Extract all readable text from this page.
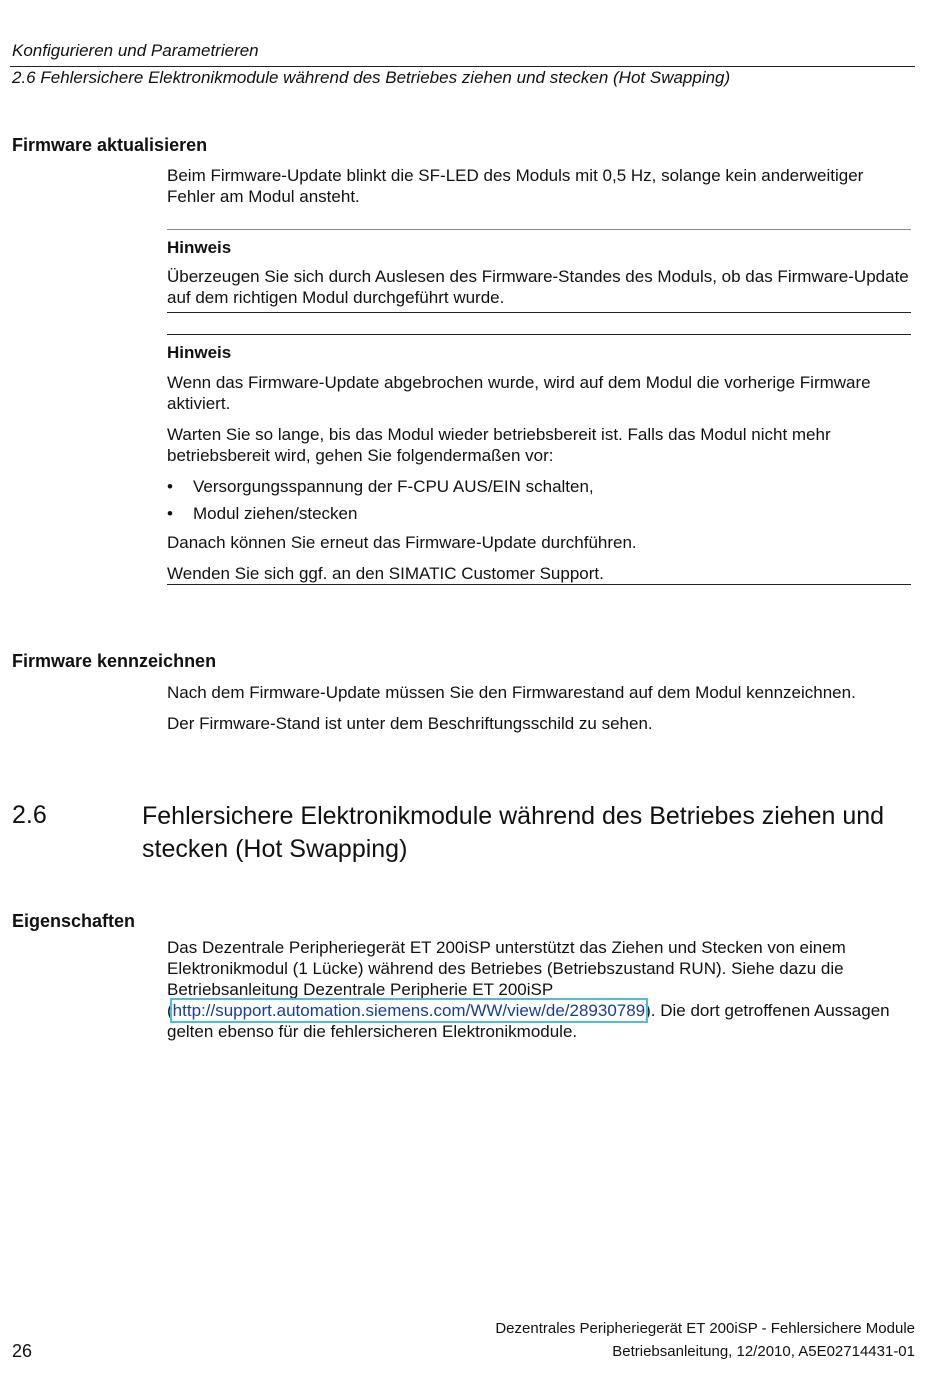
Konfigurieren und Parametrieren
2.6 Fehlersichere Elektronikmodule während des Betriebes ziehen und stecken (Hot Swapping)
Firmware aktualisieren
Beim Firmware-Update blinkt die SF-LED des Moduls mit 0,5 Hz, solange kein anderweitiger Fehler am Modul ansteht.
Hinweis
Überzeugen Sie sich durch Auslesen des Firmware-Standes des Moduls, ob das Firmware-Update auf dem richtigen Modul durchgeführt wurde.
Hinweis

Wenn das Firmware-Update abgebrochen wurde, wird auf dem Modul die vorherige Firmware aktiviert.

Warten Sie so lange, bis das Modul wieder betriebsbereit ist. Falls das Modul nicht mehr betriebsbereit wird, gehen Sie folgendermaßen vor:

• Versorgungsspannung der F-CPU AUS/EIN schalten,
• Modul ziehen/stecken

Danach können Sie erneut das Firmware-Update durchführen.

Wenden Sie sich ggf. an den SIMATIC Customer Support.

Firmware kennzeichnen
Nach dem Firmware-Update müssen Sie den Firmwarestand auf dem Modul kennzeichnen.
Der Firmware-Stand ist unter dem Beschriftungsschild zu sehen.
2.6	Fehlersichere Elektronikmodule während des Betriebes ziehen und stecken (Hot Swapping)
Eigenschaften
Das Dezentrale Peripheriegerät ET 200iSP unterstützt das Ziehen und Stecken von einem Elektronikmodul (1 Lücke) während des Betriebes (Betriebszustand RUN). Siehe dazu die Betriebsanleitung Dezentrale Peripherie ET 200iSP (http://support.automation.siemens.com/WW/view/de/28930789). Die dort getroffenen Aussagen gelten ebenso für die fehlersicheren Elektronikmodule.
Dezentrales Peripheriegerät ET 200iSP - Fehlersichere Module
26	Betriebsanleitung, 12/2010, A5E02714431-01
